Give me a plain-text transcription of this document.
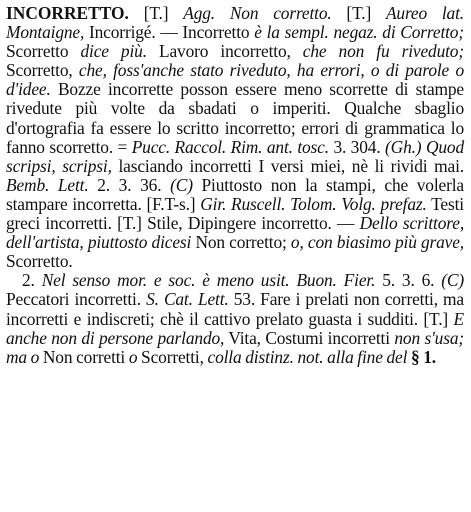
INCORRETTO. [T.] Agg. Non corretto. [T.] Aureo lat. Montaigne, Incorrigé. — Incorretto è la sempl. negaz. di Corretto; Scorretto dice più. Lavoro incorretto, che non fu riveduto; Scorretto, che, foss'anche stato riveduto, ha errori, o di parole o d'idee. Bozze incorrette posson essere meno scorrette di stampe rivedute più volte da sbadati o imperiti. Qualche sbaglio d'ortografia fa essere lo scritto incorretto; errori di grammatica lo fanno scorretto. = Pucc. Raccol. Rim. ant. tosc. 3. 304. (Gh.) Quod scripsi, scripsi, lasciando incorretti I versi miei, nè li rividi mai. Bemb. Lett. 2. 3. 36. (C) Piuttosto non la stampi, che volerla stampare incorretta. [F.T-s.] Gir. Ruscell. Tolom. Volg. prefaz. Testi greci incorretti. [T.] Stile, Dipingere incorretto. — Dello scrittore, dell'artista, piuttosto dicesi Non corretto; o, con biasimo più grave, Scorretto.

2. Nel senso mor. e soc. è meno usit. Buon. Fier. 5. 3. 6. (C) Peccatori incorretti. S. Cat. Lett. 53. Fare i prelati non corretti, ma incorretti e indiscreti; chè il cattivo prelato guasta i sudditi. [T.] E anche non di persone parlando, Vita, Costumi incorretti non s'usa; ma o Non corretti o Scorretti, colla distinz. not. alla fine del § 1.
